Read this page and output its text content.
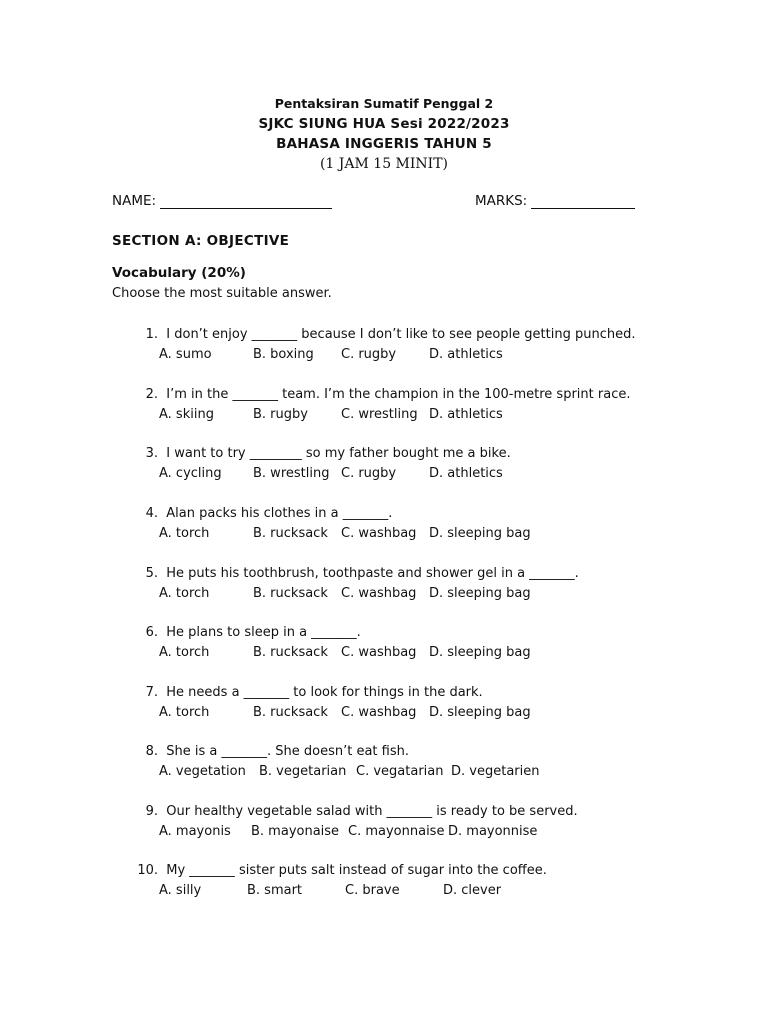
Pentaksiran Sumatif Penggal 2
SJKC SIUNG HUA Sesi 2022/2023
BAHASA INGGERIS TAHUN 5
(1 JAM 15 MINIT)
NAME:	MARKS:
SECTION A: OBJECTIVE
Vocabulary (20%)
Choose the most suitable answer.
1. I don’t enjoy _______ because I don’t like to see people getting punched.
A. sumo	B. boxing C. rugby	D. athletics
2. I’m in the _______ team. I’m the champion in the 100-metre sprint race.
A. skiing	B. rugby	C. wrestling D. athletics
3. I want to try ________ so my father bought me a bike.
A. cycling B. wrestling C. rugby	D. athletics
4. Alan packs his clothes in a _______.
A. torch	B. rucksack C. washbag D. sleeping bag
5. He puts his toothbrush, toothpaste and shower gel in a _______.
A. torch	B. rucksack C. washbag D. sleeping bag
6. He plans to sleep in a _______.
A. torch	B. rucksack C. washbag D. sleeping bag
7. He needs a _______ to look for things in the dark.
A. torch	B. rucksack C. washbag D. sleeping bag
8. She is a _______. She doesn’t eat fish.
A. vegetation B. vegetarian C. vegatarian D. vegetarien
9. Our healthy vegetable salad with _______ is ready to be served.
A. mayonis B. mayonaise C. mayonnaise D. mayonnise
10. My _______ sister puts salt instead of sugar into the coffee.
A. silly	B. smart	C. brave	D. clever
